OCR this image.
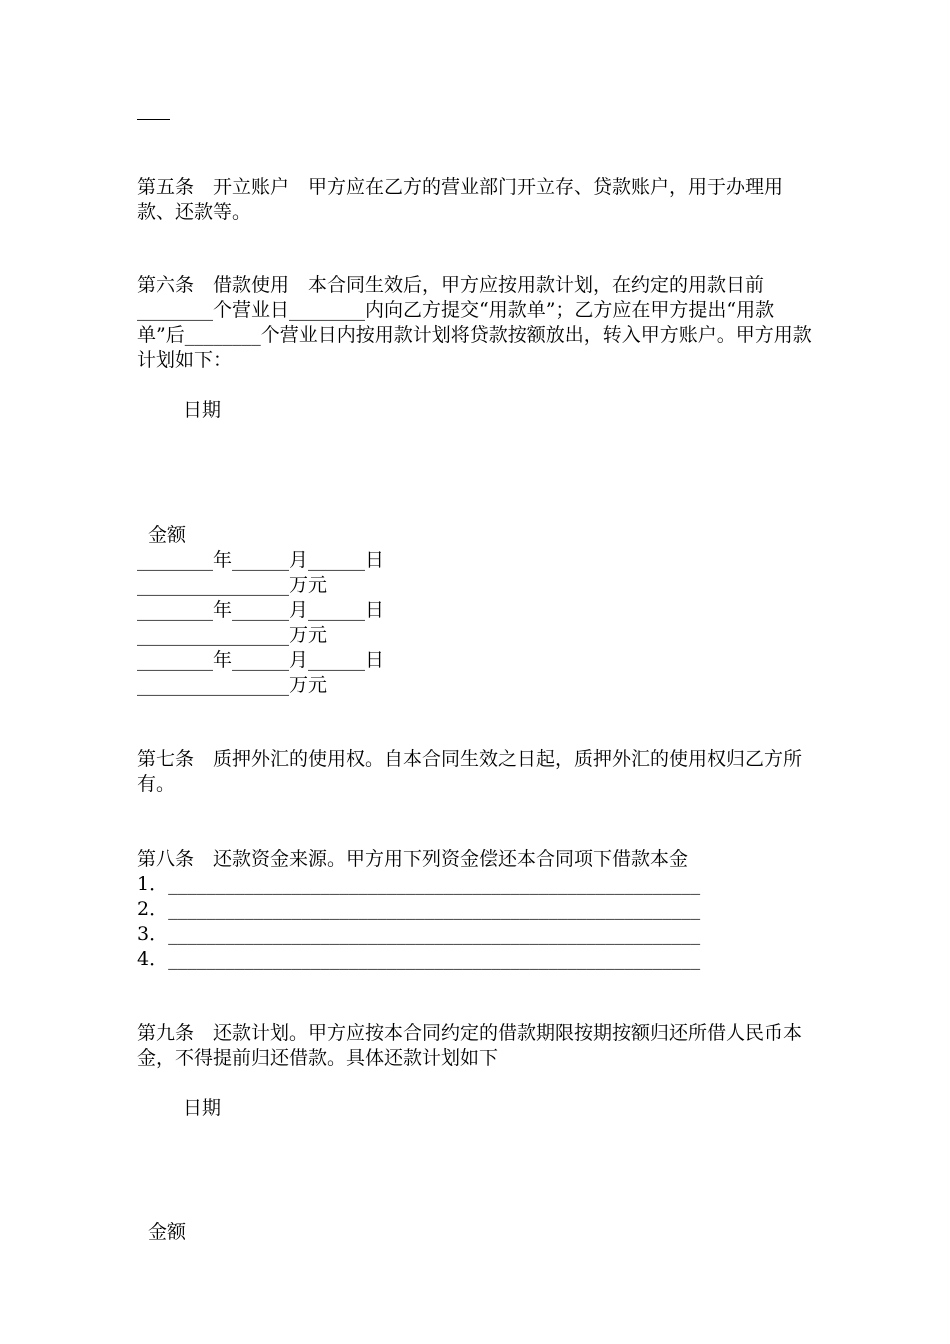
第五条　开立账户　甲方应在乙方的营业部门开立存、贷款账户，用于办理用款、还款等。

第六条　借款使用　本合同生效后，甲方应按用款计划，在约定的用款日前________个营业日________内向乙方提交“用款单”；乙方应在甲方提出“用款单”后________个营业日内按用款计划将贷款按额放出，转入甲方账户。甲方用款计划如下：

日期
金额
________年______月______日
________________万元
________年______月______日
________________万元
________年______月______日
________________万元

第七条　质押外汇的使用权。自本合同生效之日起，质押外汇的使用权归乙方所有。

第八条　还款资金来源。甲方用下列资金偿还本合同项下借款本金
1．________________________________________________________
2．________________________________________________________
3．________________________________________________________
4．________________________________________________________

第九条　还款计划。甲方应按本合同约定的借款期限按期按额归还所借人民币本金，不得提前归还借款。具体还款计划如下

日期
金额
